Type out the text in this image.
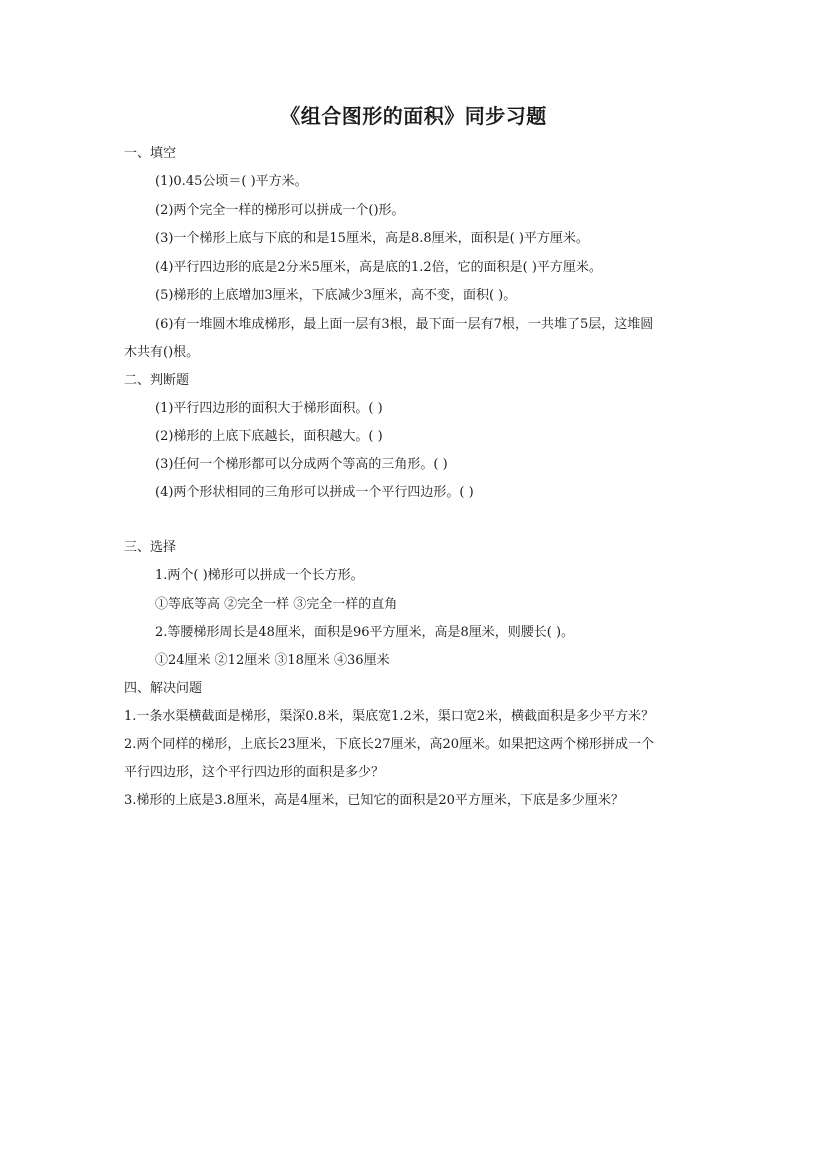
《组合图形的面积》同步习题
一、填空
(1)0.45公顷＝( )平方米。
(2)两个完全一样的梯形可以拼成一个()形。
(3)一个梯形上底与下底的和是15厘米，高是8.8厘米，面积是( )平方厘米。
(4)平行四边形的底是2分米5厘米，高是底的1.2倍，它的面积是( )平方厘米。
(5)梯形的上底增加3厘米，下底减少3厘米，高不变，面积( )。
(6)有一堆圆木堆成梯形，最上面一层有3根，最下面一层有7根，一共堆了5层，这堆圆
木共有()根。
二、判断题
(1)平行四边形的面积大于梯形面积。( )
(2)梯形的上底下底越长，面积越大。( )
(3)任何一个梯形都可以分成两个等高的三角形。( )
(4)两个形状相同的三角形可以拼成一个平行四边形。( )
三、选择
1.两个( )梯形可以拼成一个长方形。
①等底等高 ②完全一样 ③完全一样的直角
2.等腰梯形周长是48厘米，面积是96平方厘米，高是8厘米，则腰长( )。
①24厘米 ②12厘米 ③18厘米 ④36厘米
四、解决问题
1.一条水渠横截面是梯形，渠深0.8米，渠底宽1.2米，渠口宽2米，横截面积是多少平方米？
2.两个同样的梯形，上底长23厘米，下底长27厘米，高20厘米。如果把这两个梯形拼成一个
平行四边形，这个平行四边形的面积是多少？
3.梯形的上底是3.8厘米，高是4厘米，已知它的面积是20平方厘米，下底是多少厘米？
